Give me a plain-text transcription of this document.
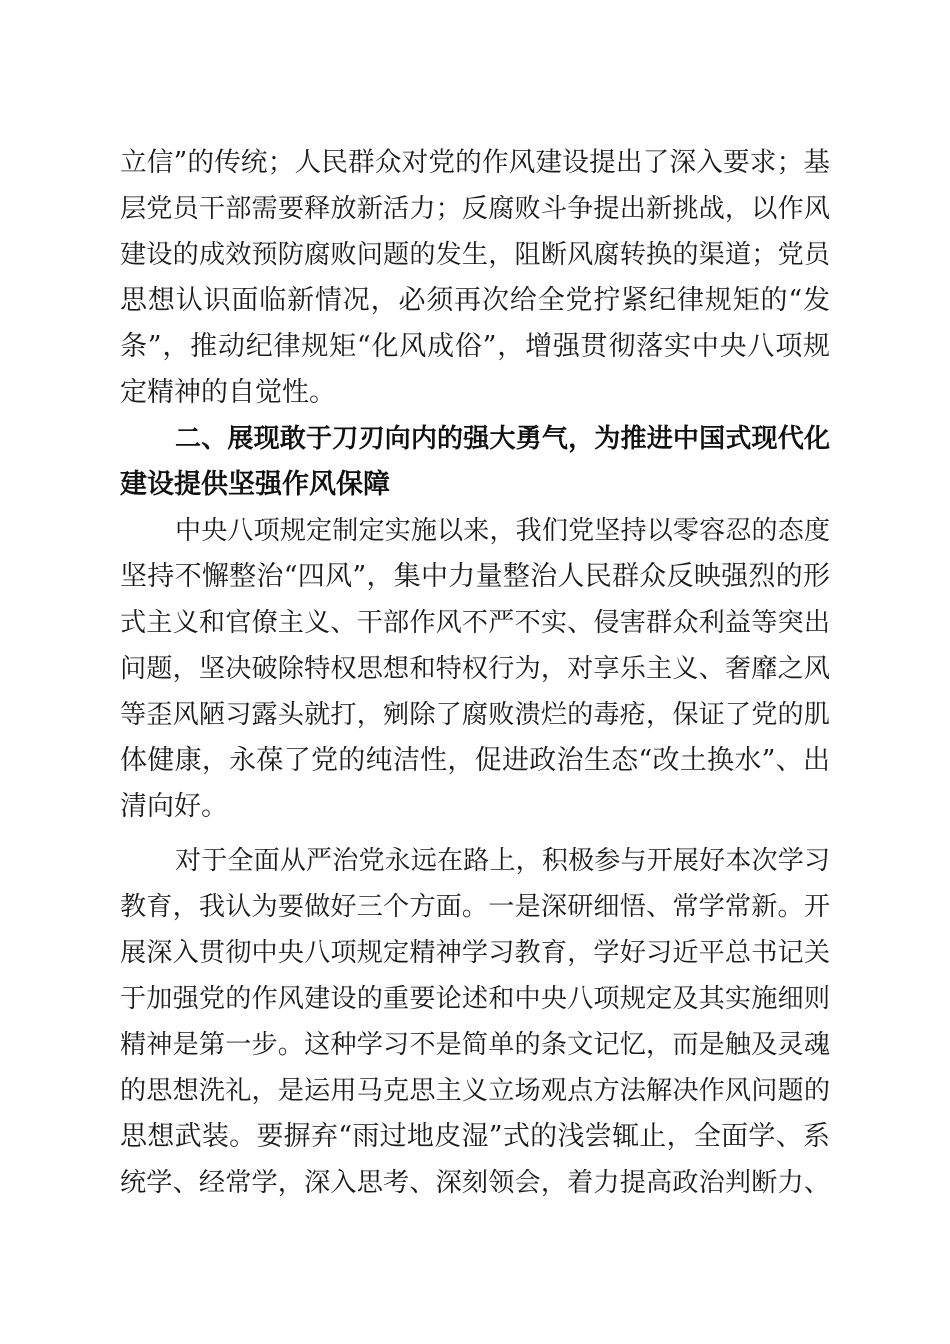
立信”的传统；人民群众对党的作风建设提出了深入要求；基
层党员干部需要释放新活力；反腐败斗争提出新挑战，以作风
建设的成效预防腐败问题的发生，阻断风腐转换的渠道；党员
思想认识面临新情况，必须再次给全党拧紧纪律规矩的“发
条”，推动纪律规矩“化风成俗”，增强贯彻落实中央八项规
定精神的自觉性。
二、展现敢于刀刃向内的强大勇气，为推进中国式现代化
建设提供坚强作风保障
中央八项规定制定实施以来，我们党坚持以零容忍的态度
坚持不懈整治“四风”，集中力量整治人民群众反映强烈的形
式主义和官僚主义、干部作风不严不实、侵害群众利益等突出
问题，坚决破除特权思想和特权行为，对享乐主义、奢靡之风
等歪风陋习露头就打，剜除了腐败溃烂的毒疮，保证了党的肌
体健康，永葆了党的纯洁性，促进政治生态“改土换水”、出
清向好。
对于全面从严治党永远在路上，积极参与开展好本次学习
教育，我认为要做好三个方面。一是深研细悟、常学常新。开
展深入贯彻中央八项规定精神学习教育，学好习近平总书记关
于加强党的作风建设的重要论述和中央八项规定及其实施细则
精神是第一步。这种学习不是简单的条文记忆，而是触及灵魂
的思想洗礼，是运用马克思主义立场观点方法解决作风问题的
思想武装。要摒弃“雨过地皮湿”式的浅尝辄止，全面学、系
统学、经常学，深入思考、深刻领会，着力提高政治判断力、
